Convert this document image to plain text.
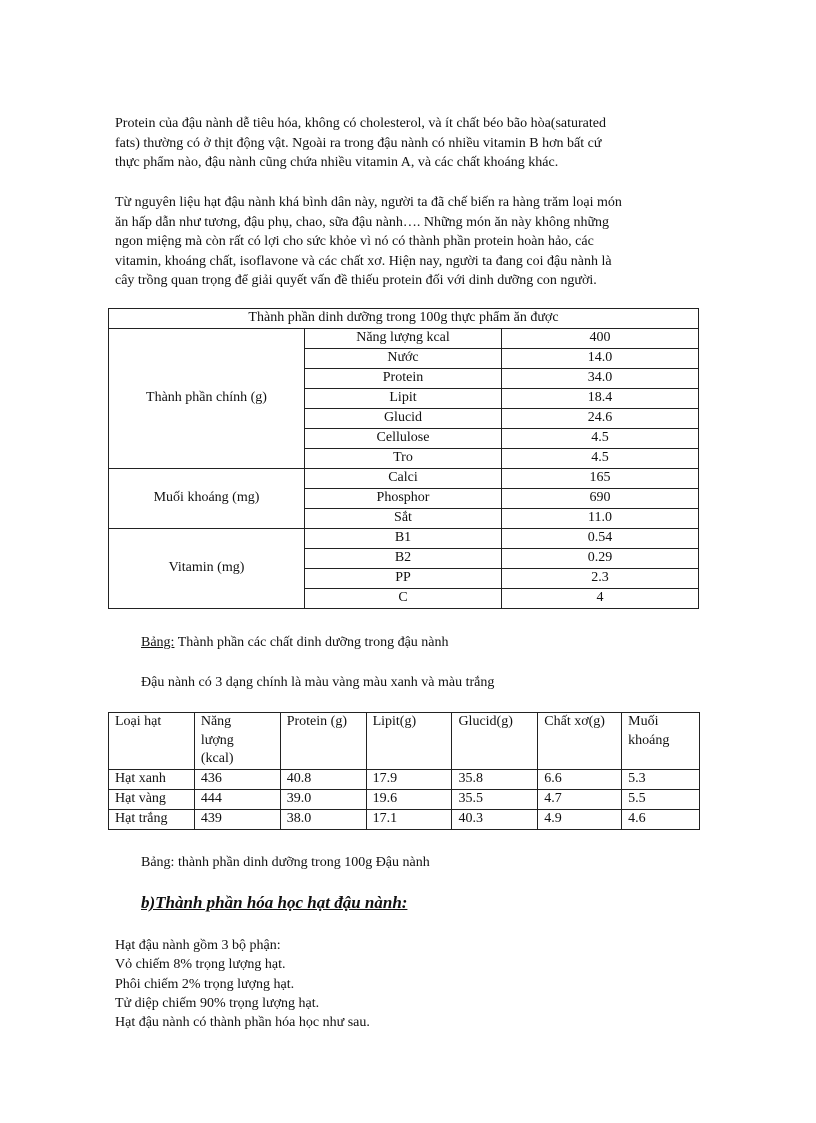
Protein của đậu nành dễ tiêu hóa, không có cholesterol, và ít chất béo bão hòa(saturated
fats) thường có ở thịt động vật. Ngoài ra trong đậu nành có nhiều vitamin B hơn bất cứ
thực phẩm nào, đậu nành cũng chứa nhiều vitamin A, và các chất khoáng khác.
Từ nguyên liệu hạt đậu nành khá bình dân này, người ta đã chế biến ra hàng trăm loại món
ăn hấp dẫn như tương, đậu phụ, chao, sữa đậu nành…. Những món ăn này không những
ngon miệng mà còn rất có lợi cho sức khỏe vì nó có thành phần protein hoàn hảo, các
vitamin, khoáng chất, isoflavone và các chất xơ. Hiện nay, người ta đang coi đậu nành là
cây trồng quan trọng để giải quyết vấn đề thiếu protein đối với dinh dưỡng con người.
Thành phần dinh dưỡng trong 100g thực phẩm ăn được		
Thành phần chính (g)	Năng lượng kcal	400
	Nước	14.0
	Protein	34.0
	Lipit	18.4
	Glucid	24.6
	Cellulose	4.5
	Tro	4.5
Muối khoáng (mg)	Calci	165
	Phosphor	690
	Sắt	11.0
Vitamin (mg)	B1	0.54
	B2	0.29
	PP	2.3
	C	4

Bảng: Thành phần các chất dinh dưỡng trong đậu nành

Đậu nành có 3 dạng chính là màu vàng màu xanh và màu trắng

Loại hạt	Năng
lượng
(kcal)	Protein (g)	Lipit(g)	Glucid(g)	Chất xơ(g)	Muối
khoáng
Hạt xanh	436	40.8	17.9	35.8	6.6	5.3
Hạt vàng	444	39.0	19.6	35.5	4.7	5.5
Hạt trắng	439	38.0	17.1	40.3	4.9	4.6

Bảng: thành phần dinh dưỡng trong 100g Đậu nành

b)Thành phần hóa học hạt đậu nành:
Hạt đậu nành gồm 3 bộ phận:
Vỏ chiếm 8% trọng lượng hạt.
Phôi chiếm 2% trọng lượng hạt.
Tử diệp chiếm 90% trọng lượng hạt.
Hạt đậu nành có thành phần hóa học như sau.
